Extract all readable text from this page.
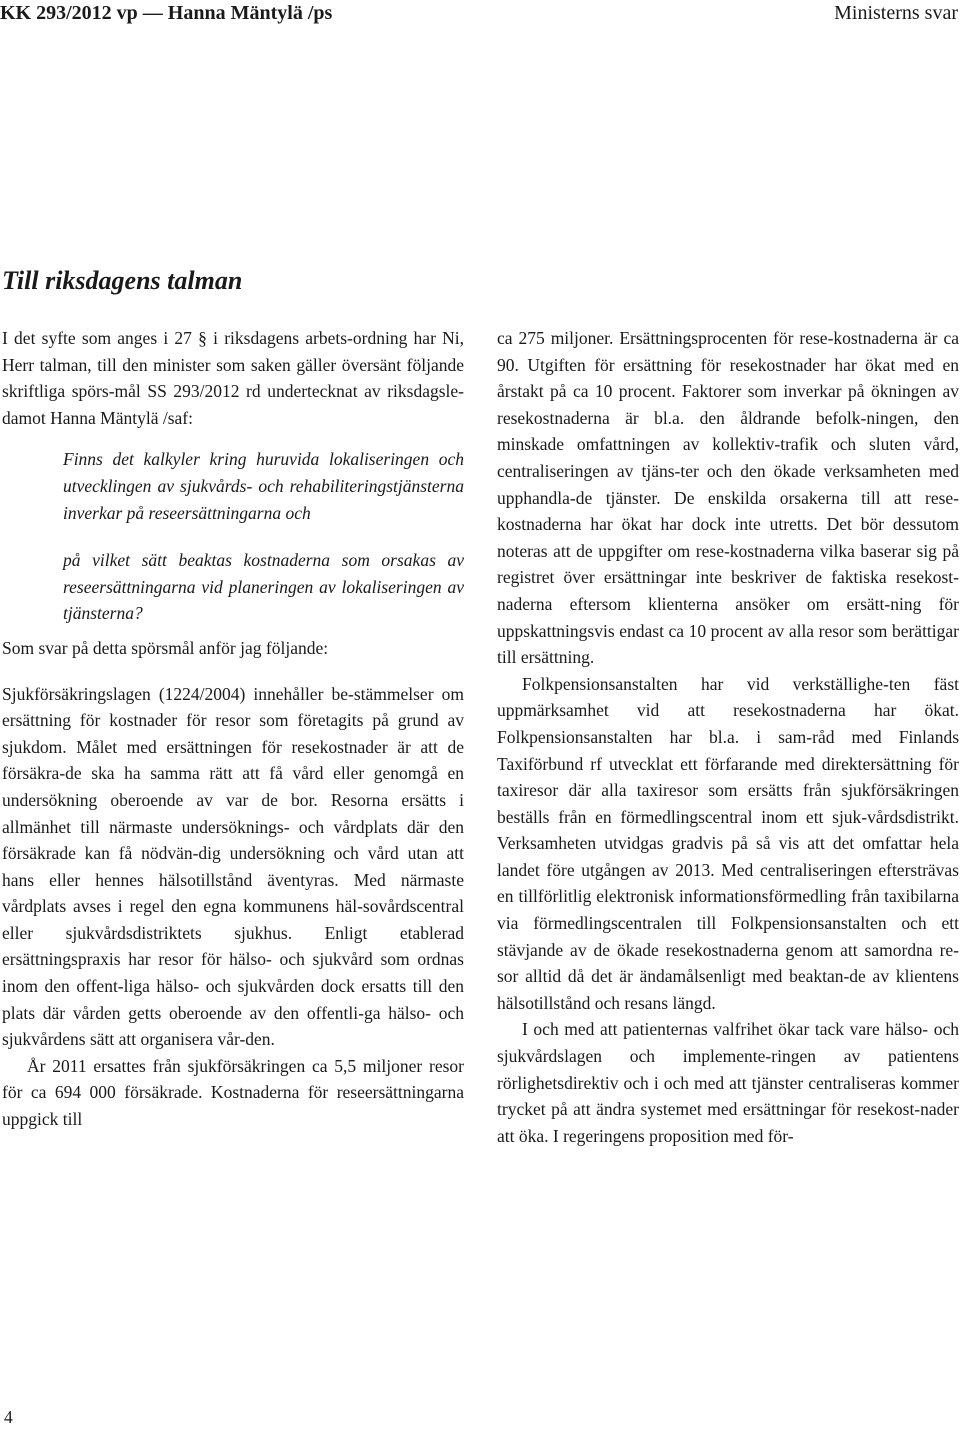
KK 293/2012 vp — Hanna Mäntylä /ps	Ministerns svar
Till riksdagens talman

I det syfte som anges i 27 § i riksdagens arbets-ordning har Ni, Herr talman, till den minister som saken gäller översänt följande skriftliga spörs-mål SS 293/2012 rd undertecknat av riksdagsle-damot Hanna Mäntylä /saf:

Finns det kalkyler kring huruvida lokaliseringen och utvecklingen av sjukvårds- och rehabiliteringstjänsterna inverkar på reseersättningarna och

på vilket sätt beaktas kostnaderna som orsakas av reseersättningarna vid planeringen av lokaliseringen av tjänsterna?

Som svar på detta spörsmål anför jag följande:

Sjukförsäkringslagen (1224/2004) innehåller be-stämmelser om ersättning för kostnader för resor som företagits på grund av sjukdom. Målet med ersättningen för resekostnader är att de försäkra-de ska ha samma rätt att få vård eller genomgå en undersökning oberoende av var de bor. Resorna ersätts i allmänhet till närmaste undersöknings- och vårdplats där den försäkrade kan få nödvän-dig undersökning och vård utan att hans eller hennes hälsotillstånd äventyras. Med närmaste vårdplats avses i regel den egna kommunens häl-sovårdscentral eller sjukvårdsdistriktets sjukhus. Enligt etablerad ersättningspraxis har resor för hälso- och sjukvård som ordnas inom den offent-liga hälso- och sjukvården dock ersatts till den plats där vården getts oberoende av den offentli-ga hälso- och sjukvårdens sätt att organisera vår-den.

År 2011 ersattes från sjukförsäkringen ca 5,5 miljoner resor för ca 694 000 försäkrade. Kostnaderna för reseersättningarna uppgick till

ca 275 miljoner. Ersättningsprocenten för rese-kostnaderna är ca 90. Utgiften för ersättning för resekostnader har ökat med en årstakt på ca 10 procent. Faktorer som inverkar på ökningen av resekostnaderna är bl.a. den åldrande befolk-ningen, den minskade omfattningen av kollektiv-trafik och sluten vård, centraliseringen av tjäns-ter och den ökade verksamheten med upphandla-de tjänster. De enskilda orsakerna till att rese-kostnaderna har ökat har dock inte utretts. Det bör dessutom noteras att de uppgifter om rese-kostnaderna vilka baserar sig på registret över ersättningar inte beskriver de faktiska resekost-naderna eftersom klienterna ansöker om ersätt-ning för uppskattningsvis endast ca 10 procent av alla resor som berättigar till ersättning.

Folkpensionsanstalten har vid verkställighe-ten fäst uppmärksamhet vid att resekostnaderna har ökat. Folkpensionsanstalten har bl.a. i sam-råd med Finlands Taxiförbund rf utvecklat ett förfarande med direktersättning för taxiresor där alla taxiresor som ersätts från sjukförsäkringen beställs från en förmedlingscentral inom ett sjuk-vårdsdistrikt. Verksamheten utvidgas gradvis på så vis att det omfattar hela landet före utgången av 2013. Med centraliseringen eftersträvas en tillförlitlig elektronisk informationsförmedling från taxibilarna via förmedlingscentralen till Folkpensionsanstalten och ett stävjande av de ökade resekostnaderna genom att samordna re-sor alltid då det är ändamålsenligt med beaktan-de av klientens hälsotillstånd och resans längd.

I och med att patienternas valfrihet ökar tack vare hälso- och sjukvårdslagen och implemente-ringen av patientens rörlighetsdirektiv och i och med att tjänster centraliseras kommer trycket på att ändra systemet med ersättningar för resekost-nader att öka. I regeringens proposition med för-

4
